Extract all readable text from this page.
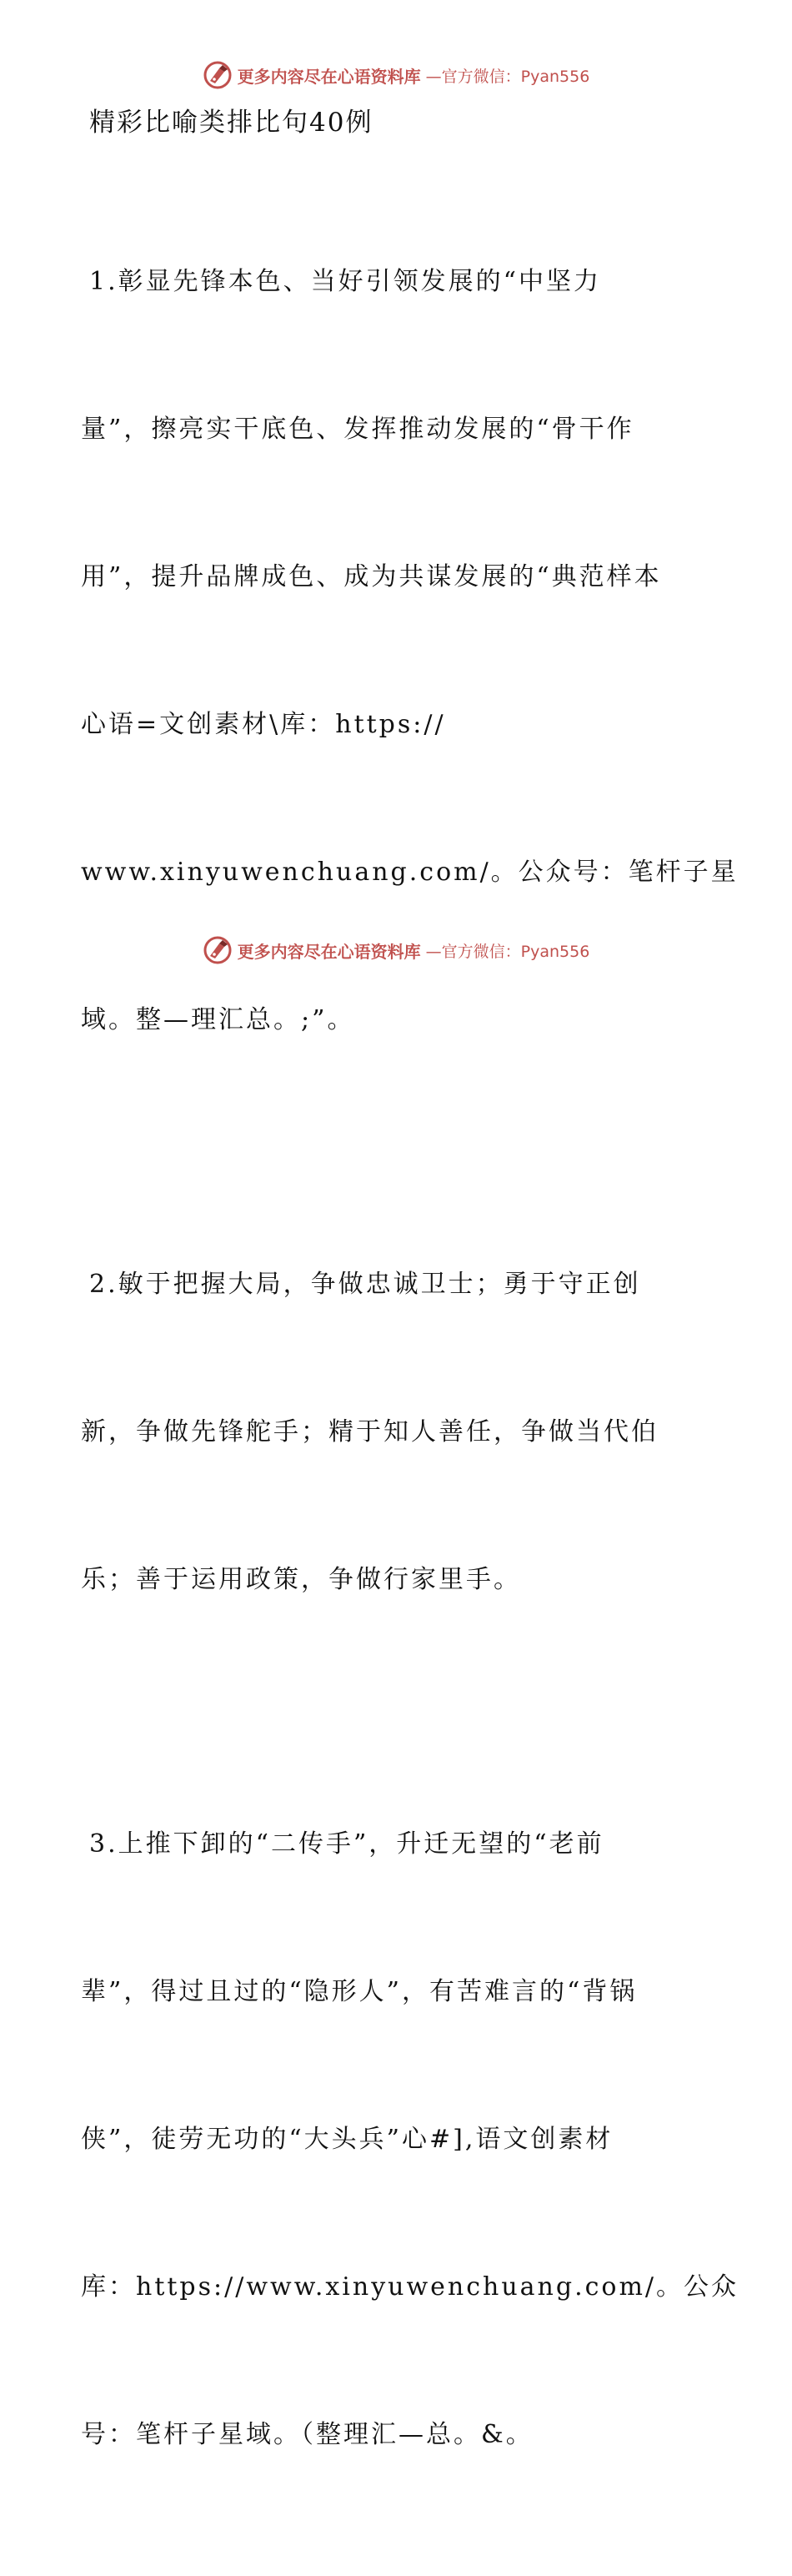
更多内容尽在心语资料库 —官方微信：Pyan556
精彩比喻类排比句40例

1.彰显先锋本色、当好引领发展的“中坚力

量”，擦亮实干底色、发挥推动发展的“骨干作

用”，提升品牌成色、成为共谋发展的“典范样本

心语=文创素材\库：https://

www.xinyuwenchuang.com/。公众号：笔杆子星

域。整—理汇总。;”。

2.敏于把握大局，争做忠诚卫士；勇于守正创

新，争做先锋舵手；精于知人善任，争做当代伯

乐；善于运用政策，争做行家里手。

3.上推下卸的“二传手”，升迁无望的“老前

辈”，得过且过的“隐形人”，有苦难言的“背锅

侠”，徒劳无功的“大头兵”心#],语文创素材

库：https://www.xinyuwenchuang.com/。公众

号：笔杆子星域。（整理汇—总。&。

更多内容尽在心语资料库 —官方微信：Pyan556
